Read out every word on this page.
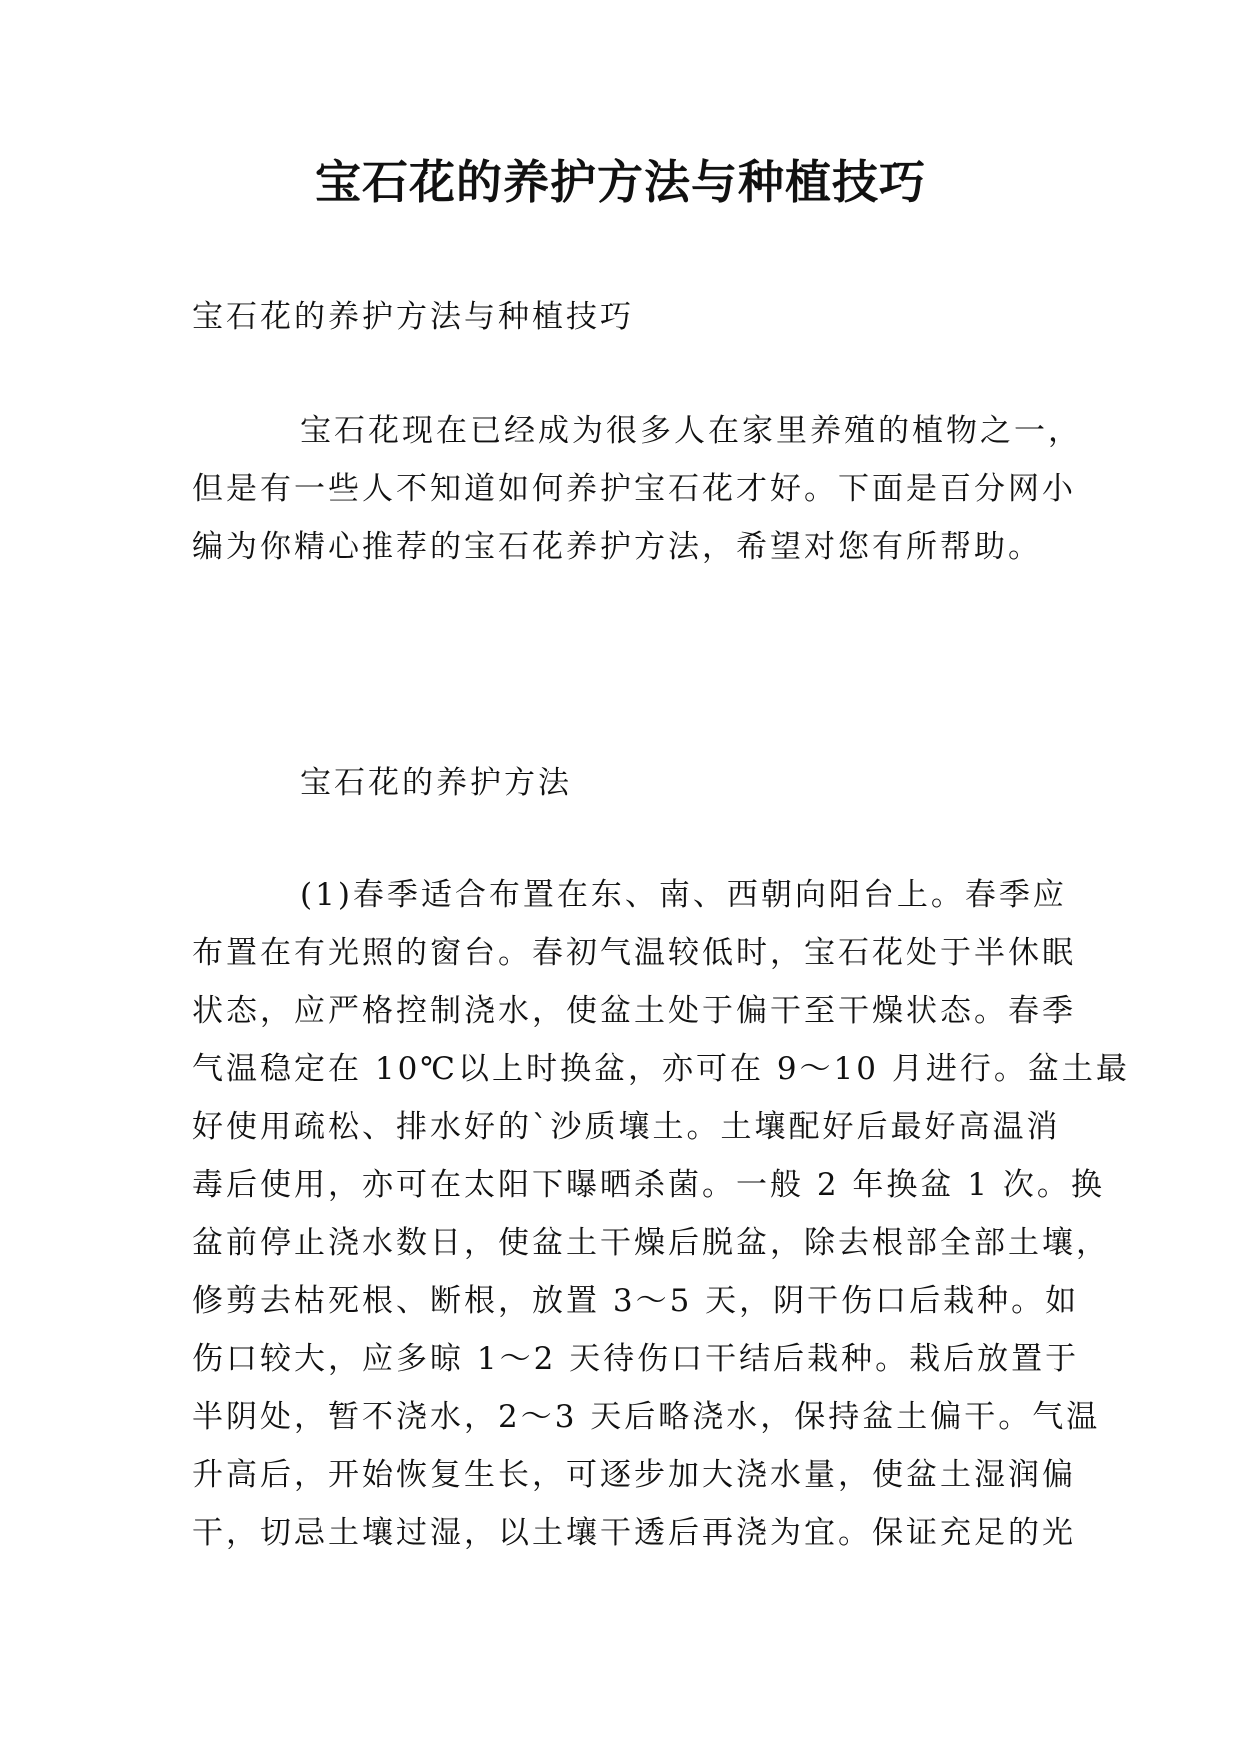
宝石花的养护方法与种植技巧
宝石花的养护方法与种植技巧
宝石花现在已经成为很多人在家里养殖的植物之一，
但是有一些人不知道如何养护宝石花才好。下面是百分网小
编为你精心推荐的宝石花养护方法，希望对您有所帮助。
宝石花的养护方法
(1)春季适合布置在东、南、西朝向阳台上。春季应
布置在有光照的窗台。春初气温较低时，宝石花处于半休眠
状态，应严格控制浇水，使盆土处于偏干至干燥状态。春季
气温稳定在 10℃以上时换盆，亦可在 9～10 月进行。盆土最
好使用疏松、排水好的`沙质壤土。土壤配好后最好高温消
毒后使用，亦可在太阳下曝晒杀菌。一般 2 年换盆 1 次。换
盆前停止浇水数日，使盆土干燥后脱盆，除去根部全部土壤，
修剪去枯死根、断根，放置 3～5 天，阴干伤口后栽种。如
伤口较大，应多晾 1～2 天待伤口干结后栽种。栽后放置于
半阴处，暂不浇水，2～3 天后略浇水，保持盆土偏干。气温
升高后，开始恢复生长，可逐步加大浇水量，使盆土湿润偏
干，切忌土壤过湿，以土壤干透后再浇为宜。保证充足的光
